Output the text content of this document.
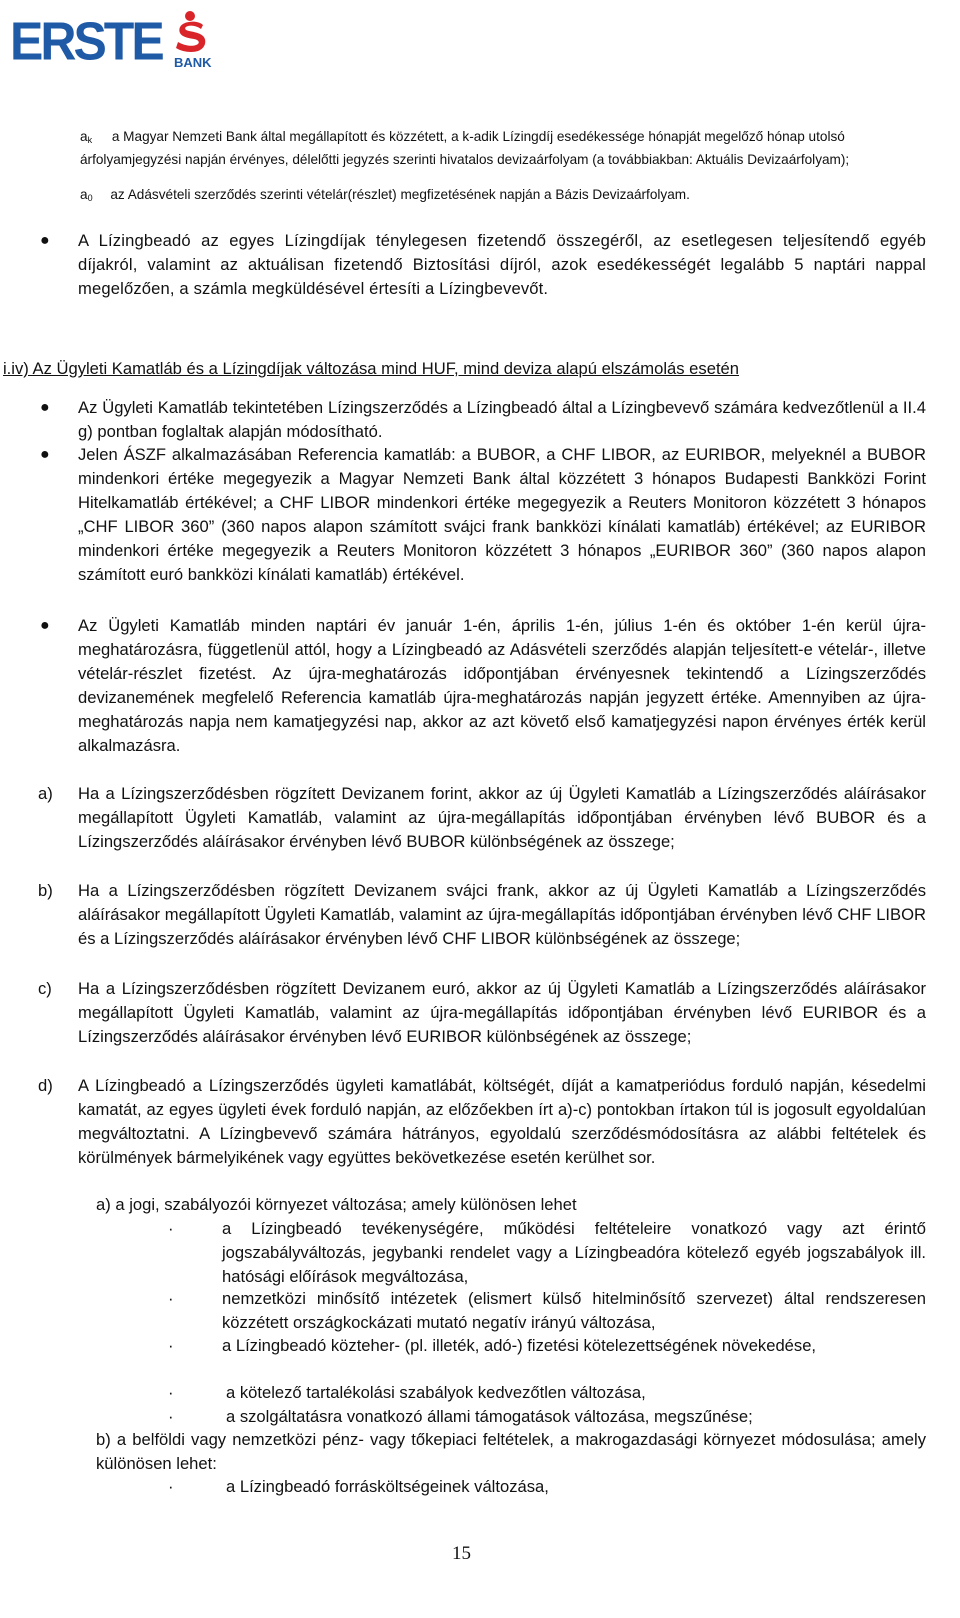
ERSTE BANK
$a_k$ a Magyar Nemzeti Bank által megállapított és közzétett, a k-adik Lízingdíj esedékessége hónapját megelőző hónap utolsó árfolyamjegyzési napján érvényes, délelőtti jegyzés szerinti hivatalos devizaárfolyam (a továbbiakban: Aktuális Devizaárfolyam);
$a_0$ az Adásvételi szerződés szerinti vételár(részlet) megfizetésének napján a Bázis Devizaárfolyam.
● A Lízingbeadó az egyes Lízingdíjak ténylegesen fizetendő összegéről, az esetlegesen teljesítendő egyéb díjakról, valamint az aktuálisan fizetendő Biztosítási díjról, azok esedékességét legalább 5 naptári nappal megelőzően, a számla megküldésével értesíti a Lízingbevevőt.
i.iv) Az Ügyleti Kamatláb és a Lízingdíjak változása mind HUF, mind deviza alapú elszámolás esetén
● Az Ügyleti Kamatláb tekintetében Lízingszerződés a Lízingbeadó által a Lízingbevevő számára kedvezőtlenül a II.4 g) pontban foglaltak alapján módosítható.
● Jelen ÁSZF alkalmazásában Referencia kamatláb: a BUBOR, a CHF LIBOR, az EURIBOR, melyeknél a BUBOR mindenkori értéke megegyezik a Magyar Nemzeti Bank által közzétett 3 hónapos Budapesti Bankközi Forint Hitelkamatláb értékével; a CHF LIBOR mindenkori értéke megegyezik a Reuters Monitoron közzétett 3 hónapos „CHF LIBOR 360” (360 napos alapon számított svájci frank bankközi kínálati kamatláb) értékével; az EURIBOR mindenkori értéke megegyezik a Reuters Monitoron közzétett 3 hónapos „EURIBOR 360” (360 napos alapon számított euró bankközi kínálati kamatláb) értékével.
● Az Ügyleti Kamatláb minden naptári év január 1-én, április 1-én, július 1-én és október 1-én kerül újra-meghatározásra, függetlenül attól, hogy a Lízingbeadó az Adásvételi szerződés alapján teljesített-e vételár-, illetve vételár-részlet fizetést. Az újra-meghatározás időpontjában érvényesnek tekintendő a Lízingszerződés devizanemének megfelelő Referencia kamatláb újra-meghatározás napján jegyzett értéke. Amennyiben az újra-meghatározás napja nem kamatjegyzési nap, akkor az azt követő első kamatjegyzési napon érvényes érték kerül alkalmazásra.
a) Ha a Lízingszerződésben rögzített Devizanem forint, akkor az új Ügyleti Kamatláb a Lízingszerződés aláírásakor megállapított Ügyleti Kamatláb, valamint az újra-megállapítás időpontjában érvényben lévő BUBOR és a Lízingszerződés aláírásakor érvényben lévő BUBOR különbségének az összege;
b) Ha a Lízingszerződésben rögzített Devizanem svájci frank, akkor az új Ügyleti Kamatláb a Lízingszerződés aláírásakor megállapított Ügyleti Kamatláb, valamint az újra-megállapítás időpontjában érvényben lévő CHF LIBOR és a Lízingszerződés aláírásakor érvényben lévő CHF LIBOR különbségének az összege;
c) Ha a Lízingszerződésben rögzített Devizanem euró, akkor az új Ügyleti Kamatláb a Lízingszerződés aláírásakor megállapított Ügyleti Kamatláb, valamint az újra-megállapítás időpontjában érvényben lévő EURIBOR és a Lízingszerződés aláírásakor érvényben lévő EURIBOR különbségének az összege;
d) A Lízingbeadó a Lízingszerződés ügyleti kamatlábát, költségét, díját a kamatperiódus forduló napján, késedelmi kamatát, az egyes ügyleti évek forduló napján, az előzőekben írt a)-c) pontokban írtakon túl is jogosult egyoldalúan megváltoztatni. A Lízingbevevő számára hátrányos, egyoldalú szerződésmódosításra az alábbi feltételek és körülmények bármelyikének vagy együttes bekövetkezése esetén kerülhet sor.
a) a jogi, szabályozói környezet változása; amely különösen lehet
·	a Lízingbeadó tevékenységére, működési feltételeire vonatkozó vagy azt érintő jogszabályváltozás, jegybanki rendelet vagy a Lízingbeadóra kötelező egyéb jogszabályok ill. hatósági előírások megváltozása,
·	nemzetközi minősítő intézetek (elismert külső hitelminősítő szervezet) által rendszeresen közzétett országkockázati mutató negatív irányú változása,
·	a Lízingbeadó közteher- (pl. illeték, adó-) fizetési kötelezettségének növekedése,
·	a kötelező tartalékolási szabályok kedvezőtlen változása,
·	a szolgáltatásra vonatkozó állami támogatások változása, megszűnése;
b) a belföldi vagy nemzetközi pénz- vagy tőkepiaci feltételek, a makrogazdasági környezet módosulása; amely különösen lehet:
·	a Lízingbeadó forrásköltségeinek változása,
15
